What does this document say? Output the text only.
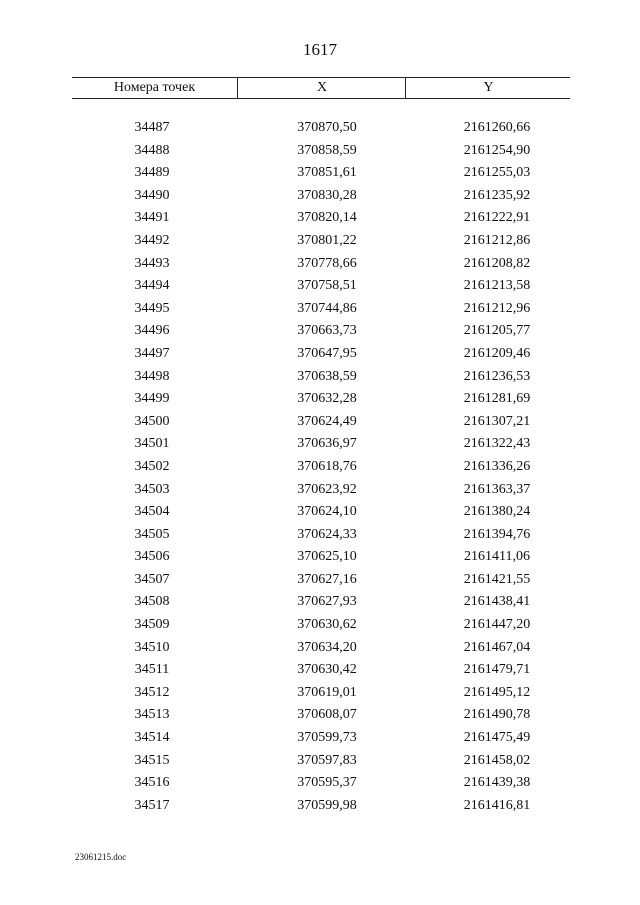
1617
Номера точек	X	Y
34487	370870,50	2161260,66
34488	370858,59	2161254,90
34489	370851,61	2161255,03
34490	370830,28	2161235,92
34491	370820,14	2161222,91
34492	370801,22	2161212,86
34493	370778,66	2161208,82
34494	370758,51	2161213,58
34495	370744,86	2161212,96
34496	370663,73	2161205,77
34497	370647,95	2161209,46
34498	370638,59	2161236,53
34499	370632,28	2161281,69
34500	370624,49	2161307,21
34501	370636,97	2161322,43
34502	370618,76	2161336,26
34503	370623,92	2161363,37
34504	370624,10	2161380,24
34505	370624,33	2161394,76
34506	370625,10	2161411,06
34507	370627,16	2161421,55
34508	370627,93	2161438,41
34509	370630,62	2161447,20
34510	370634,20	2161467,04
34511	370630,42	2161479,71
34512	370619,01	2161495,12
34513	370608,07	2161490,78
34514	370599,73	2161475,49
34515	370597,83	2161458,02
34516	370595,37	2161439,38
34517	370599,98	2161416,81
23061215.doc
